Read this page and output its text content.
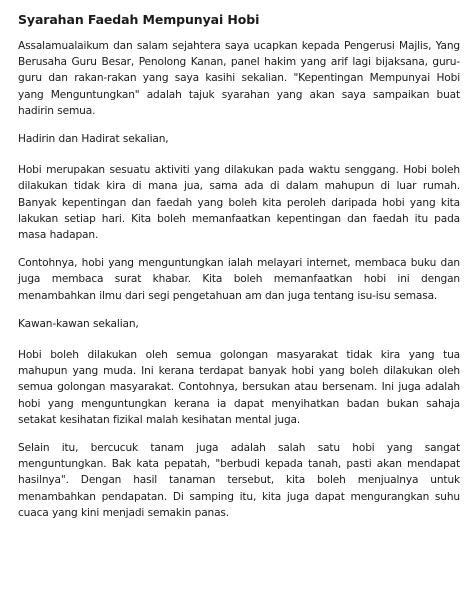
Syarahan Faedah Mempunyai Hobi

Assalamualaikum dan salam sejahtera saya ucapkan kepada Pengerusi Majlis, Yang Berusaha Guru Besar, Penolong Kanan, panel hakim yang arif lagi bijaksana, guru-guru dan rakan-rakan yang saya kasihi sekalian. "Kepentingan Mempunyai Hobi yang Menguntungkan" adalah tajuk syarahan yang akan saya sampaikan buat hadirin semua.

Hadirin dan Hadirat sekalian,

Hobi merupakan sesuatu aktiviti yang dilakukan pada waktu senggang. Hobi boleh dilakukan tidak kira di mana jua, sama ada di dalam mahupun di luar rumah. Banyak kepentingan dan faedah yang boleh kita peroleh daripada hobi yang kita lakukan setiap hari. Kita boleh memanfaatkan kepentingan dan faedah itu pada masa hadapan.

Contohnya, hobi yang menguntungkan ialah melayari internet, membaca buku dan juga membaca surat khabar. Kita boleh memanfaatkan hobi ini dengan menambahkan ilmu dari segi pengetahuan am dan juga tentang isu-isu semasa.

Kawan-kawan sekalian,

Hobi boleh dilakukan oleh semua golongan masyarakat tidak kira yang tua mahupun yang muda. Ini kerana terdapat banyak hobi yang boleh dilakukan oleh semua golongan masyarakat. Contohnya, bersukan atau bersenam. Ini juga adalah hobi yang menguntungkan kerana ia dapat menyihatkan badan bukan sahaja setakat kesihatan fizikal malah kesihatan mental juga.

Selain itu, bercucuk tanam juga adalah salah satu hobi yang sangat menguntungkan. Bak kata pepatah, "berbudi kepada tanah, pasti akan mendapat hasilnya". Dengan hasil tanaman tersebut, kita boleh menjualnya untuk menambahkan pendapatan. Di samping itu, kita juga dapat mengurangkan suhu cuaca yang kini menjadi semakin panas.
